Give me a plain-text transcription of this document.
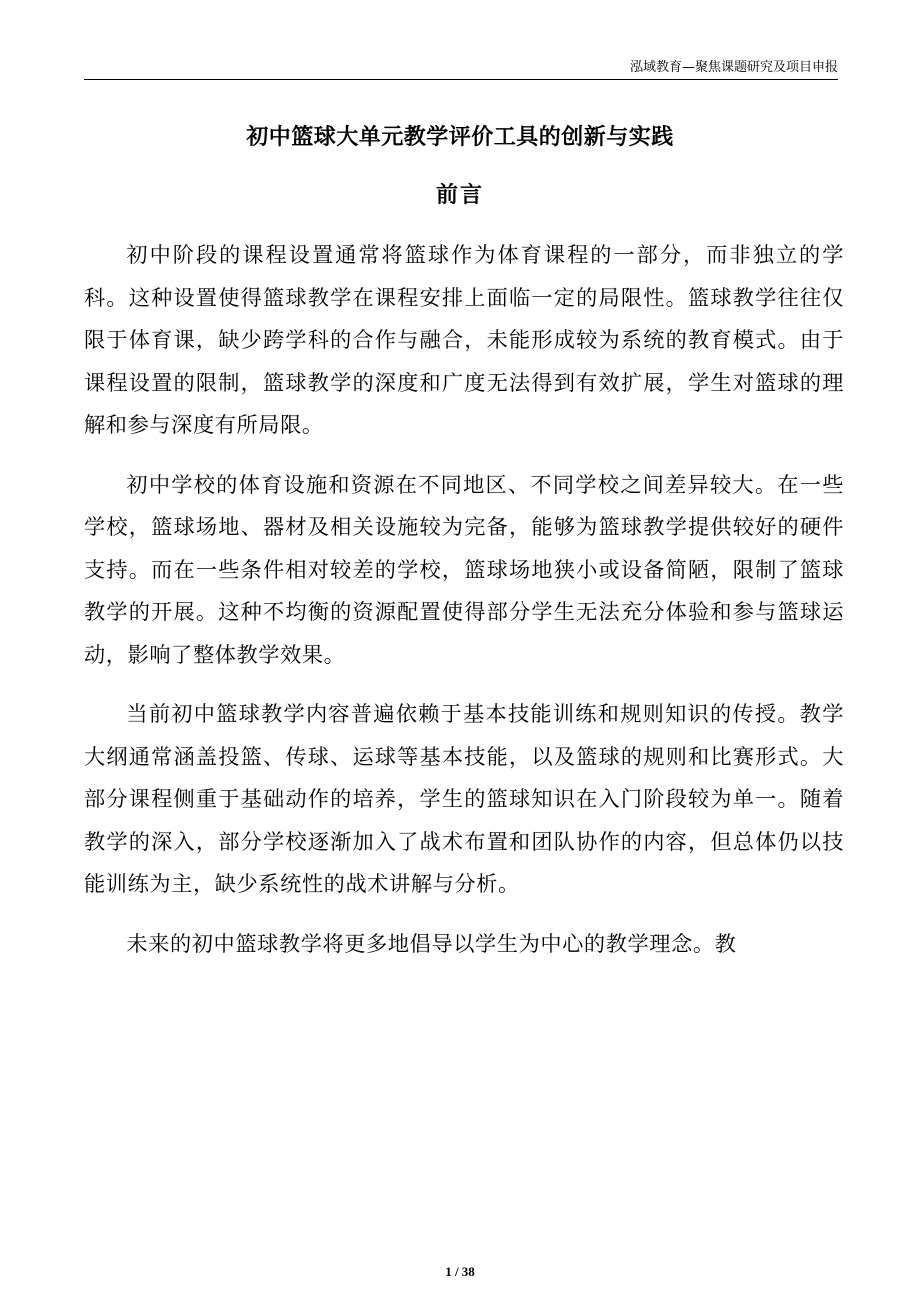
泓域教育—聚焦课题研究及项目申报
初中篮球大单元教学评价工具的创新与实践
前言

初中阶段的课程设置通常将篮球作为体育课程的一部分，而非独立的学科。这种设置使得篮球教学在课程安排上面临一定的局限性。篮球教学往往仅限于体育课，缺少跨学科的合作与融合，未能形成较为系统的教育模式。由于课程设置的限制，篮球教学的深度和广度无法得到有效扩展，学生对篮球的理解和参与深度有所局限。

初中学校的体育设施和资源在不同地区、不同学校之间差异较大。在一些学校，篮球场地、器材及相关设施较为完备，能够为篮球教学提供较好的硬件支持。而在一些条件相对较差的学校，篮球场地狭小或设备简陋，限制了篮球教学的开展。这种不均衡的资源配置使得部分学生无法充分体验和参与篮球运动，影响了整体教学效果。

当前初中篮球教学内容普遍依赖于基本技能训练和规则知识的传授。教学大纲通常涵盖投篮、传球、运球等基本技能，以及篮球的规则和比赛形式。大部分课程侧重于基础动作的培养，学生的篮球知识在入门阶段较为单一。随着教学的深入，部分学校逐渐加入了战术布置和团队协作的内容，但总体仍以技能训练为主，缺少系统性的战术讲解与分析。

未来的初中篮球教学将更多地倡导以学生为中心的教学理念。教

1 / 38
